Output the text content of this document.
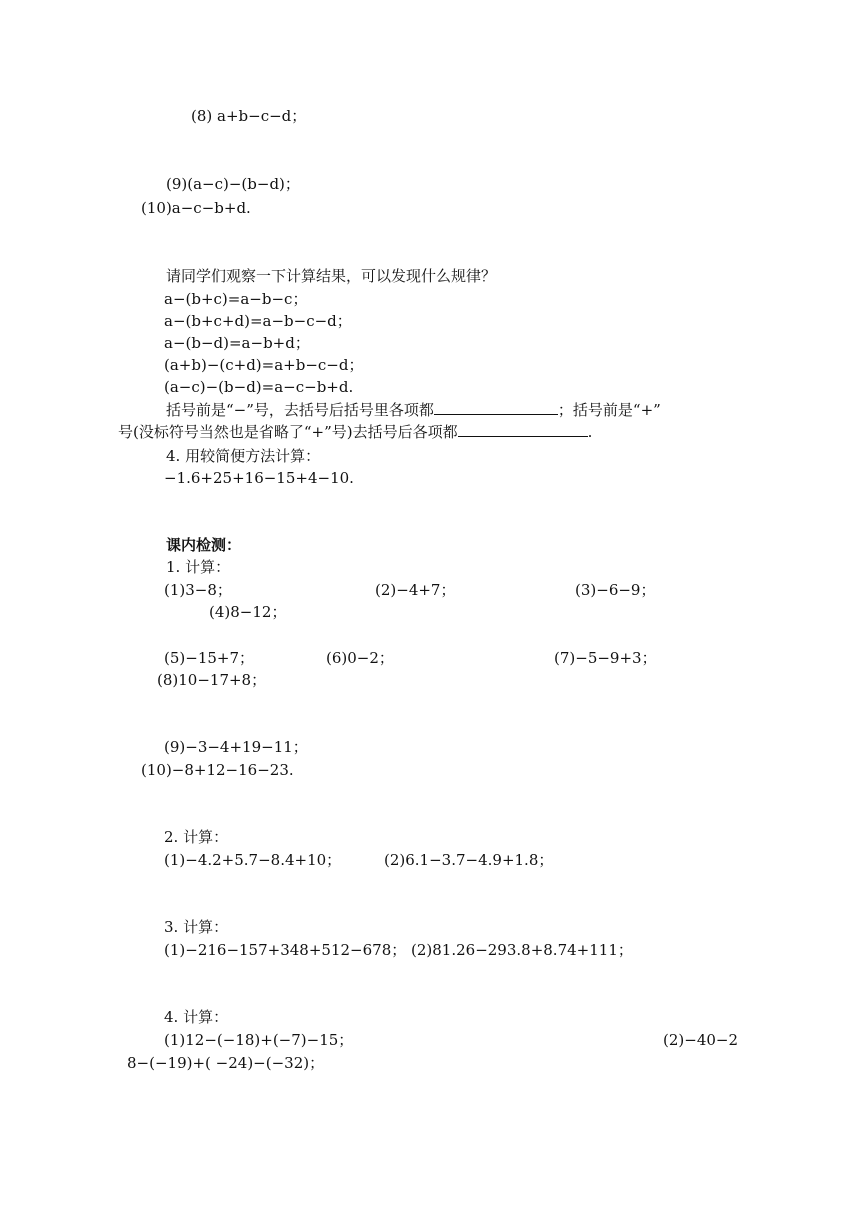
(8) a+b−c−d；
(9)(a−c)−(b−d)；
(10)a−c−b+d.
请同学们观察一下计算结果，可以发现什么规律？
a−(b+c)=a−b−c；
a−(b+c+d)=a−b−c−d；
a−(b−d)=a−b+d；
(a+b)−(c+d)=a+b−c−d；
(a−c)−(b−d)=a−c−b+d.
括号前是“−”号，去括号后括号里各项都	；括号前是“+”
号(没标符号当然也是省略了“+”号)去括号后各项都	.
4. 用较简便方法计算：
−1.6+25+16−15+4−10.
课内检测：
1. 计算：
(1)3−8；	(2)−4+7；	(3)−6−9；
(4)8−12；
(5)−15+7；	(6)0−2；	(7)−5−9+3；
(8)10−17+8；
(9)−3−4+19−11；
(10)−8+12−16−23.
2. 计算：
(1)−4.2+5.7−8.4+10；	(2)6.1−3.7−4.9+1.8；
3. 计算：
(1)−216−157+348+512−678； (2)81.26−293.8+8.74+111；
4. 计算：
(1)12−(−18)+(−7)−15；	(2)−40−2
8−(−19)+( −24)−(−32)；
